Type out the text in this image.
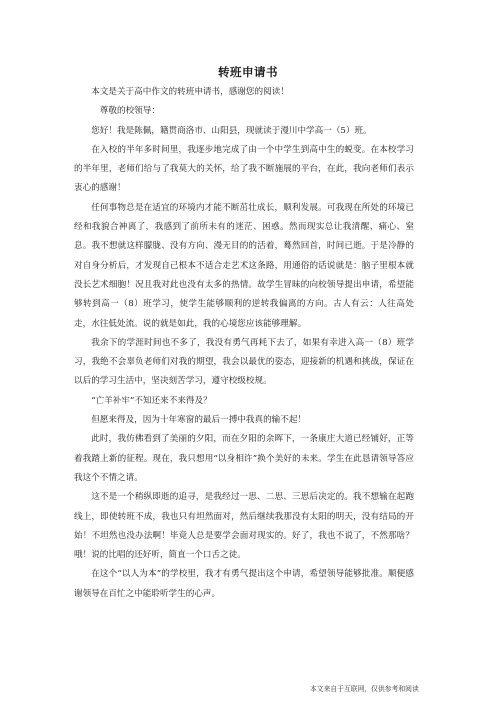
转班申请书

本文是关于高中作文的转班申请书，感谢您的阅读！

尊敬的校领导：

您好！我是陈佩，籍贯商洛市、山阳县，现就读于漫川中学高一（5）班。

在入校的半年多时间里，我逐步地完成了由一个中学生到高中生的蜕变。在本校学习的半年里，老师们给与了我莫大的关怀，给了我不断施展的平台，在此，我向老师们表示衷心的感谢！

任何事物总是在适宜的环境内才能不断茁壮成长，顺利发展。可我现在所处的环境已经和我貌合神离了，我感到了前所未有的迷茫、困惑。然而现实总让我清醒、痛心、窒息。我不想就这样朦胧、没有方向、漫无目的的活着，蓦然回首，时间已逝。于是冷静的对自身分析后，才发现自己根本不适合走艺术这条路，用通俗的话说就是：脑子里根本就没长艺术细胞！况且我对此也没有太多的热情。故学生冒昧的向校领导提出申请，希望能够转到高一（8）班学习，使学生能够顺利的逆转我偏离的方向。古人有云：人往高处走，水往低处流。说的就是如此，我的心境您应该能够理解。

我余下的学涯时间也不多了，我没有勇气再耗下去了，如果有幸进入高一（8）班学习，我绝不会辜负老师们对我的期望，我会以最优的姿态，迎接新的机遇和挑战，保证在以后的学习生活中，坚决刻苦学习，遵守校级校规。

“亡羊补牢”不知还来不来得及？

但愿来得及，因为十年寒窗的最后一搏中我真的输不起！

此时，我仿佛看到了美丽的夕阳，而在夕阳的余晖下，一条康庄大道已经铺好，正等着我踏上新的征程。现在，我只想用“以身相许”换个美好的未来。学生在此恳请领导答应我这个不情之请。

这不是一个稍纵即逝的追寻，是我经过一思、二思、三思后决定的。我不想输在起跑线上，即使转班不成，我也只有坦然面对，然后继续我那没有太阳的明天，没有结局的开始！不坦然也没办法啊！毕竟人总是要学会面对现实的。好了，我也不说了，不然那啥？哦！说的比唱的还好听，简直一个口舌之徒。

在这个“以人为本”的学校里，我才有勇气提出这个申请，希望领导能够批准。顺便感谢领导在百忙之中能聆听学生的心声。

本文来自于互联网，仅供参考和阅读
